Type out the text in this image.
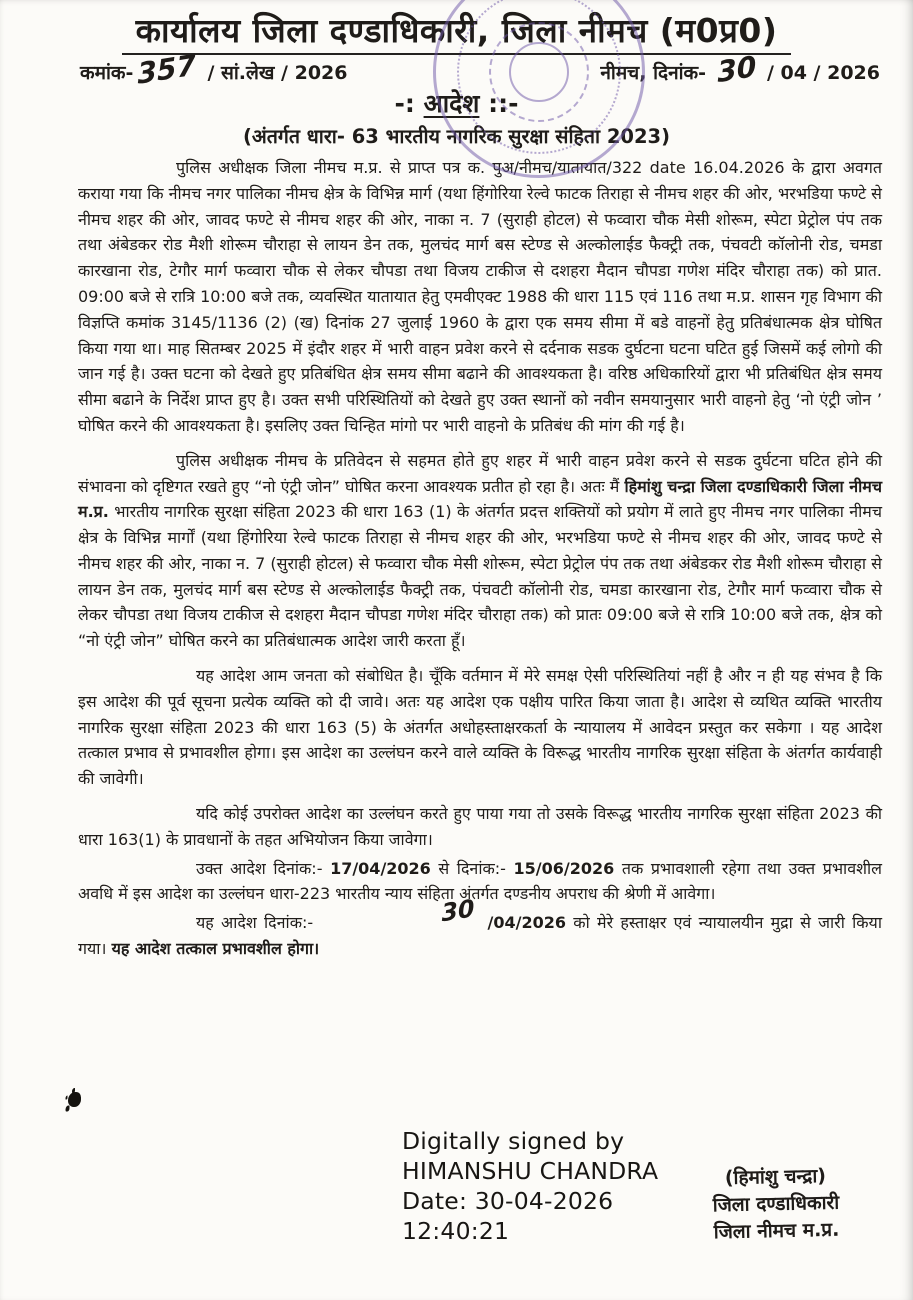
कार्यालय जिला दण्डाधिकारी, जिला नीमच (म0प्र0)
कमांक- 357 / सां.लेख / 2026	नीमच, दिनांक- 30 / 04 / 2026
-: आदेश ::-
(अंतर्गत धारा- 63 भारतीय नागरिक सुरक्षा संहिता 2023)
पुलिस अधीक्षक जिला नीमच म.प्र. से प्राप्त पत्र क. पुअ/नीमच/यातायात/322 date 16.04.2026 के द्वारा अवगत कराया गया कि नीमच नगर पालिका नीमच क्षेत्र के विभिन्न मार्ग (यथा हिंगोरिया रेल्वे फाटक तिराहा से नीमच शहर की ओर, भरभडिया फण्टे से नीमच शहर की ओर, जावद फण्टे से नीमच शहर की ओर, नाका न. 7 (सुराही होटल) से फव्वारा चौक मेसी शोरूम, स्पेटा प्रेट्रोल पंप तक तथा अंबेडकर रोड मैशी शोरूम चौराहा से लायन डेन तक, मुलचंद मार्ग बस स्टेण्ड से अल्कोलाईड फैक्ट्री तक, पंचवटी कॉलोनी रोड, चमडा कारखाना रोड, टेगौर मार्ग फव्वारा चौक से लेकर चौपडा तथा विजय टाकीज से दशहरा मैदान चौपडा गणेश मंदिर चौराहा तक) को प्रात. 09:00 बजे से रात्रि 10:00 बजे तक, व्यवस्थित यातायात हेतु एमवीएक्ट 1988 की धारा 115 एवं 116 तथा म.प्र. शासन गृह विभाग की विज्ञप्ति कमांक 3145/1136 (2) (ख) दिनांक 27 जुलाई 1960 के द्वारा एक समय सीमा में बडे वाहनों हेतु प्रतिबंधात्मक क्षेत्र घोषित किया गया था। माह सितम्बर 2025 में इंदौर शहर में भारी वाहन प्रवेश करने से दर्दनाक सडक दुर्घटना घटना घटित हुई जिसमें कई लोगो की जान गई है। उक्त घटना को देखते हुए प्रतिबंधित क्षेत्र समय सीमा बढाने की आवश्यकता है। वरिष्ठ अधिकारियों द्वारा भी प्रतिबंधित क्षेत्र समय सीमा बढाने के निर्देश प्राप्त हुए है। उक्त सभी परिस्थितियों को देखते हुए उक्त स्थानों को नवीन समयानुसार भारी वाहनो हेतु ‘नो एंट्री जोन ’ घोषित करने की आवश्यकता है। इसलिए उक्त चिन्हित मांगो पर भारी वाहनो के प्रतिबंध की मांग की गई है।
पुलिस अधीक्षक नीमच के प्रतिवेदन से सहमत होते हुए शहर में भारी वाहन प्रवेश करने से सडक दुर्घटना घटित होने की संभावना को दृष्टिगत रखते हुए “नो एंट्री जोन” घोषित करना आवश्यक प्रतीत हो रहा है। अतः मैं हिमांशु चन्द्रा जिला दण्डाधिकारी जिला नीमच म.प्र. भारतीय नागरिक सुरक्षा संहिता 2023 की धारा 163 (1) के अंतर्गत प्रदत्त शक्तियों को प्रयोग में लाते हुए नीमच नगर पालिका नीमच क्षेत्र के विभिन्न मार्गों (यथा हिंगोरिया रेल्वे फाटक तिराहा से नीमच शहर की ओर, भरभडिया फण्टे से नीमच शहर की ओर, जावद फण्टे से नीमच शहर की ओर, नाका न. 7 (सुराही होटल) से फव्वारा चौक मेसी शोरूम, स्पेटा प्रेट्रोल पंप तक तथा अंबेडकर रोड मैशी शोरूम चौराहा से लायन डेन तक, मुलचंद मार्ग बस स्टेण्ड से अल्कोलाईड फैक्ट्री तक, पंचवटी कॉलोनी रोड, चमडा कारखाना रोड, टेगौर मार्ग फव्वारा चौक से लेकर चौपडा तथा विजय टाकीज से दशहरा मैदान चौपडा गणेश मंदिर चौराहा तक) को प्रातः 09:00 बजे से रात्रि 10:00 बजे तक, क्षेत्र को “नो एंट्री जोन” घोषित करने का प्रतिबंधात्मक आदेश जारी करता हूँ।
यह आदेश आम जनता को संबोधित है। चूँकि वर्तमान में मेरे समक्ष ऐसी परिस्थितियां नहीं है और न ही यह संभव है कि इस आदेश की पूर्व सूचना प्रत्येक व्यक्ति को दी जावे। अतः यह आदेश एक पक्षीय पारित किया जाता है। आदेश से व्यथित व्यक्ति भारतीय नागरिक सुरक्षा संहिता 2023 की धारा 163 (5) के अंतर्गत अधोहस्ताक्षरकर्ता के न्यायालय में आवेदन प्रस्तुत कर सकेगा । यह आदेश तत्काल प्रभाव से प्रभावशील होगा। इस आदेश का उल्लंघन करने वाले व्यक्ति के विरूद्ध भारतीय नागरिक सुरक्षा संहिता के अंतर्गत कार्यवाही की जावेगी।
यदि कोई उपरोक्त आदेश का उल्लंघन करते हुए पाया गया तो उसके विरूद्ध भारतीय नागरिक सुरक्षा संहिता 2023 की धारा 163(1) के प्रावधानों के तहत अभियोजन किया जावेगा।
उक्त आदेश दिनांक:- 17/04/2026 से दिनांक:- 15/06/2026 तक प्रभावशाली रहेगा तथा उक्त प्रभावशील अवधि में इस आदेश का उल्लंघन धारा-223 भारतीय न्याय संहिता अंतर्गत दण्डनीय अपराध की श्रेणी में आवेगा।
यह आदेश दिनांक:-	30 /04/2026 को मेरे हस्ताक्षर एवं न्यायालयीन मुद्रा से जारी किया गया। यह आदेश तत्काल प्रभावशील होगा।
Digitally signed by
HIMANSHU CHANDRA
Date: 30-04-2026
12:40:21
(हिमांशु चन्द्रा)
जिला दण्डाधिकारी
जिला नीमच म.प्र.
